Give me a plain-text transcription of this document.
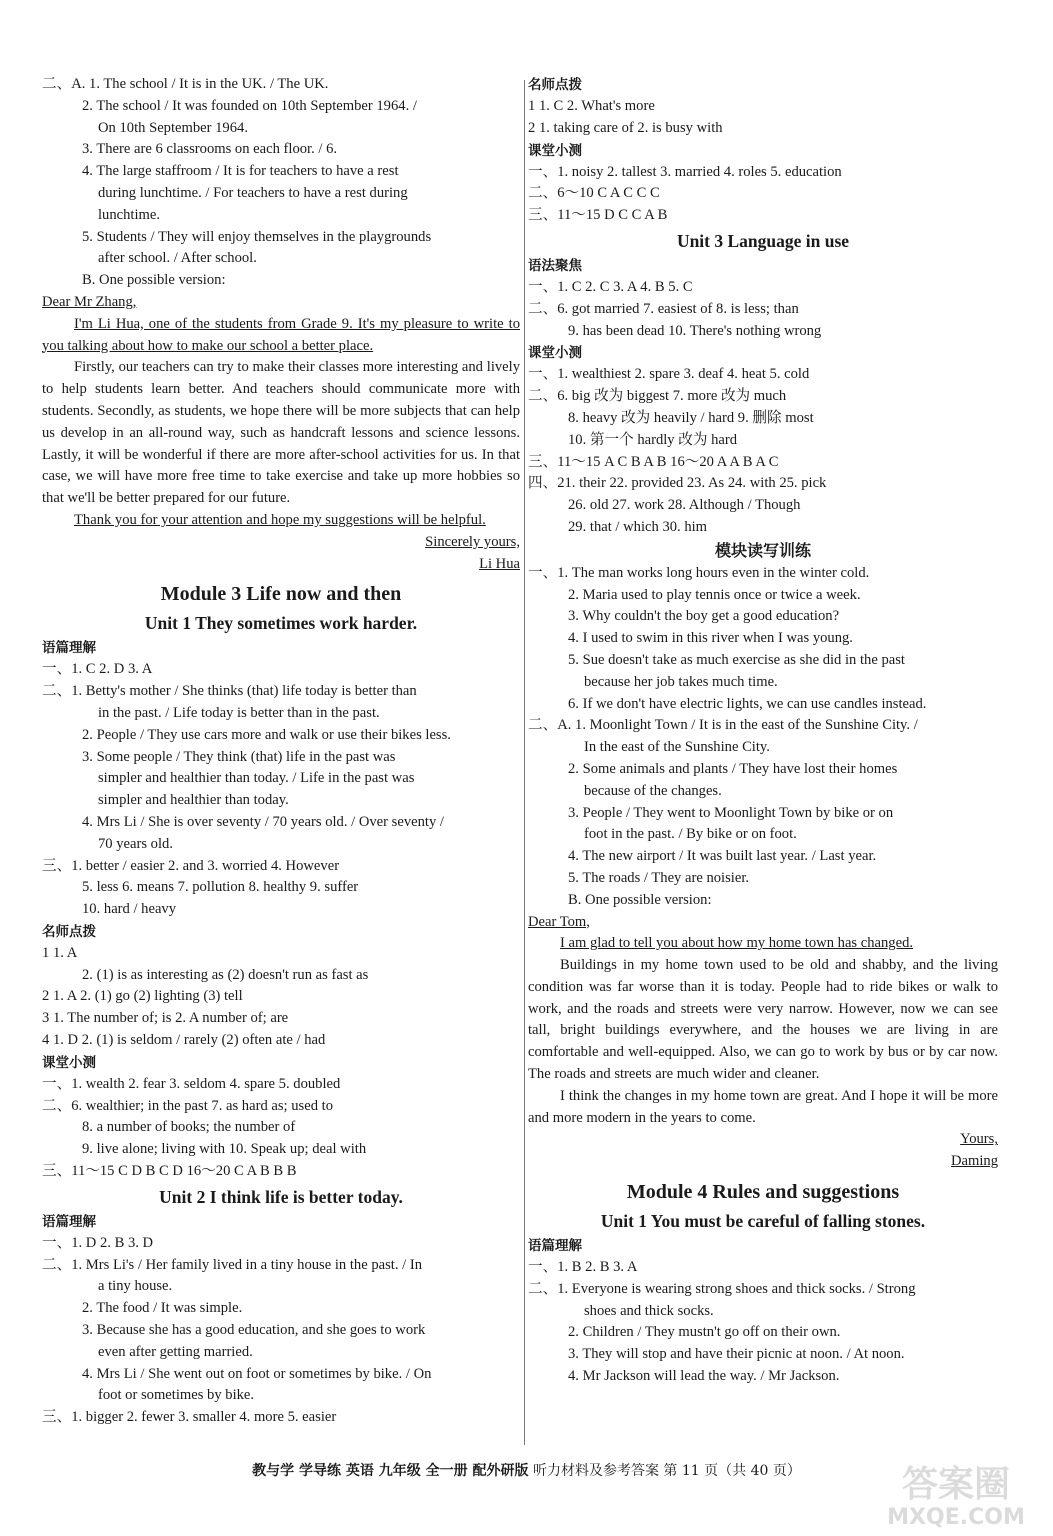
二、A. 1. The school / It is in the UK. / The UK.
2. The school / It was founded on 10th September 1964. /
On 10th September 1964.
3. There are 6 classrooms on each floor. / 6.
4. The large staffroom / It is for teachers to have a rest
during lunchtime. / For teachers to have a rest during
lunchtime.
5. Students / They will enjoy themselves in the playgrounds
after school. / After school.
B. One possible version:
Dear Mr Zhang,
I'm Li Hua, one of the students from Grade 9. It's my pleasure to write to you talking about how to make our school a better place.
Firstly, our teachers can try to make their classes more interesting and lively to help students learn better. And teachers should communicate more with students. Secondly, as students, we hope there will be more subjects that can help us develop in an all-round way, such as handcraft lessons and science lessons. Lastly, it will be wonderful if there are more after-school activities for us. In that case, we will have more free time to take exercise and take up more hobbies so that we'll be better prepared for our future.
Thank you for your attention and hope my suggestions will be helpful.
Sincerely yours,
Li Hua
Module 3 Life now and then
Unit 1 They sometimes work harder.
语篇理解
一、1. C 2. D 3. A
二、1. Betty's mother / She thinks (that) life today is better than
in the past. / Life today is better than in the past.
2. People / They use cars more and walk or use their bikes less.
3. Some people / They think (that) life in the past was
simpler and healthier than today. / Life in the past was
simpler and healthier than today.
4. Mrs Li / She is over seventy / 70 years old. / Over seventy /
70 years old.
三、1. better / easier 2. and 3. worried 4. However
5. less 6. means 7. pollution 8. healthy 9. suffer
10. hard / heavy
名师点拨
1 1. A
2. (1) is as interesting as (2) doesn't run as fast as
2 1. A 2. (1) go (2) lighting (3) tell
3 1. The number of; is 2. A number of; are
4 1. D 2. (1) is seldom / rarely (2) often ate / had
课堂小测
一、1. wealth 2. fear 3. seldom 4. spare 5. doubled
二、6. wealthier; in the past 7. as hard as; used to
8. a number of books; the number of
9. live alone; living with 10. Speak up; deal with
三、11～15 C D B C D 16～20 C A B B B
Unit 2 I think life is better today.
语篇理解
一、1. D 2. B 3. D
二、1. Mrs Li's / Her family lived in a tiny house in the past. / In
a tiny house.
2. The food / It was simple.
3. Because she has a good education, and she goes to work
even after getting married.
4. Mrs Li / She went out on foot or sometimes by bike. / On
foot or sometimes by bike.
三、1. bigger 2. fewer 3. smaller 4. more 5. easier
名师点拨
1 1. C 2. What's more
2 1. taking care of 2. is busy with
课堂小测
一、1. noisy 2. tallest 3. married 4. roles 5. education
二、6～10 C A C C C
三、11～15 D C C A B
Unit 3 Language in use
语法聚焦
一、1. C 2. C 3. A 4. B 5. C
二、6. got married 7. easiest of 8. is less; than
9. has been dead 10. There's nothing wrong
课堂小测
一、1. wealthiest 2. spare 3. deaf 4. heat 5. cold
二、6. big 改为 biggest 7. more 改为 much
8. heavy 改为 heavily / hard 9. 删除 most
10. 第一个 hardly 改为 hard
三、11～15 A C B A B 16～20 A A B A C
四、21. their 22. provided 23. As 24. with 25. pick
26. old 27. work 28. Although / Though
29. that / which 30. him
模块读写训练
一、1. The man works long hours even in the winter cold.
2. Maria used to play tennis once or twice a week.
3. Why couldn't the boy get a good education?
4. I used to swim in this river when I was young.
5. Sue doesn't take as much exercise as she did in the past
because her job takes much time.
6. If we don't have electric lights, we can use candles instead.
二、A. 1. Moonlight Town / It is in the east of the Sunshine City. /
In the east of the Sunshine City.
2. Some animals and plants / They have lost their homes
because of the changes.
3. People / They went to Moonlight Town by bike or on
foot in the past. / By bike or on foot.
4. The new airport / It was built last year. / Last year.
5. The roads / They are noisier.
B. One possible version:
Dear Tom,
I am glad to tell you about how my home town has changed.
Buildings in my home town used to be old and shabby, and the living condition was far worse than it is today. People had to ride bikes or walk to work, and the roads and streets were very narrow. However, now we can see tall, bright buildings everywhere, and the houses we are living in are comfortable and well-equipped. Also, we can go to work by bus or by car now. The roads and streets are much wider and cleaner.
I think the changes in my home town are great. And I hope it will be more and more modern in the years to come.
Yours,
Daming
Module 4 Rules and suggestions
Unit 1 You must be careful of falling stones.
语篇理解
一、1. B 2. B 3. A
二、1. Everyone is wearing strong shoes and thick socks. / Strong
shoes and thick socks.
2. Children / They mustn't go off on their own.
3. They will stop and have their picnic at noon. / At noon.
4. Mr Jackson will lead the way. / Mr Jackson.
教与学 学导练 英语 九年级 全一册 配外研版 听力材料及参考答案 第 11 页（共 40 页）	答案圈
MXQE.COM
